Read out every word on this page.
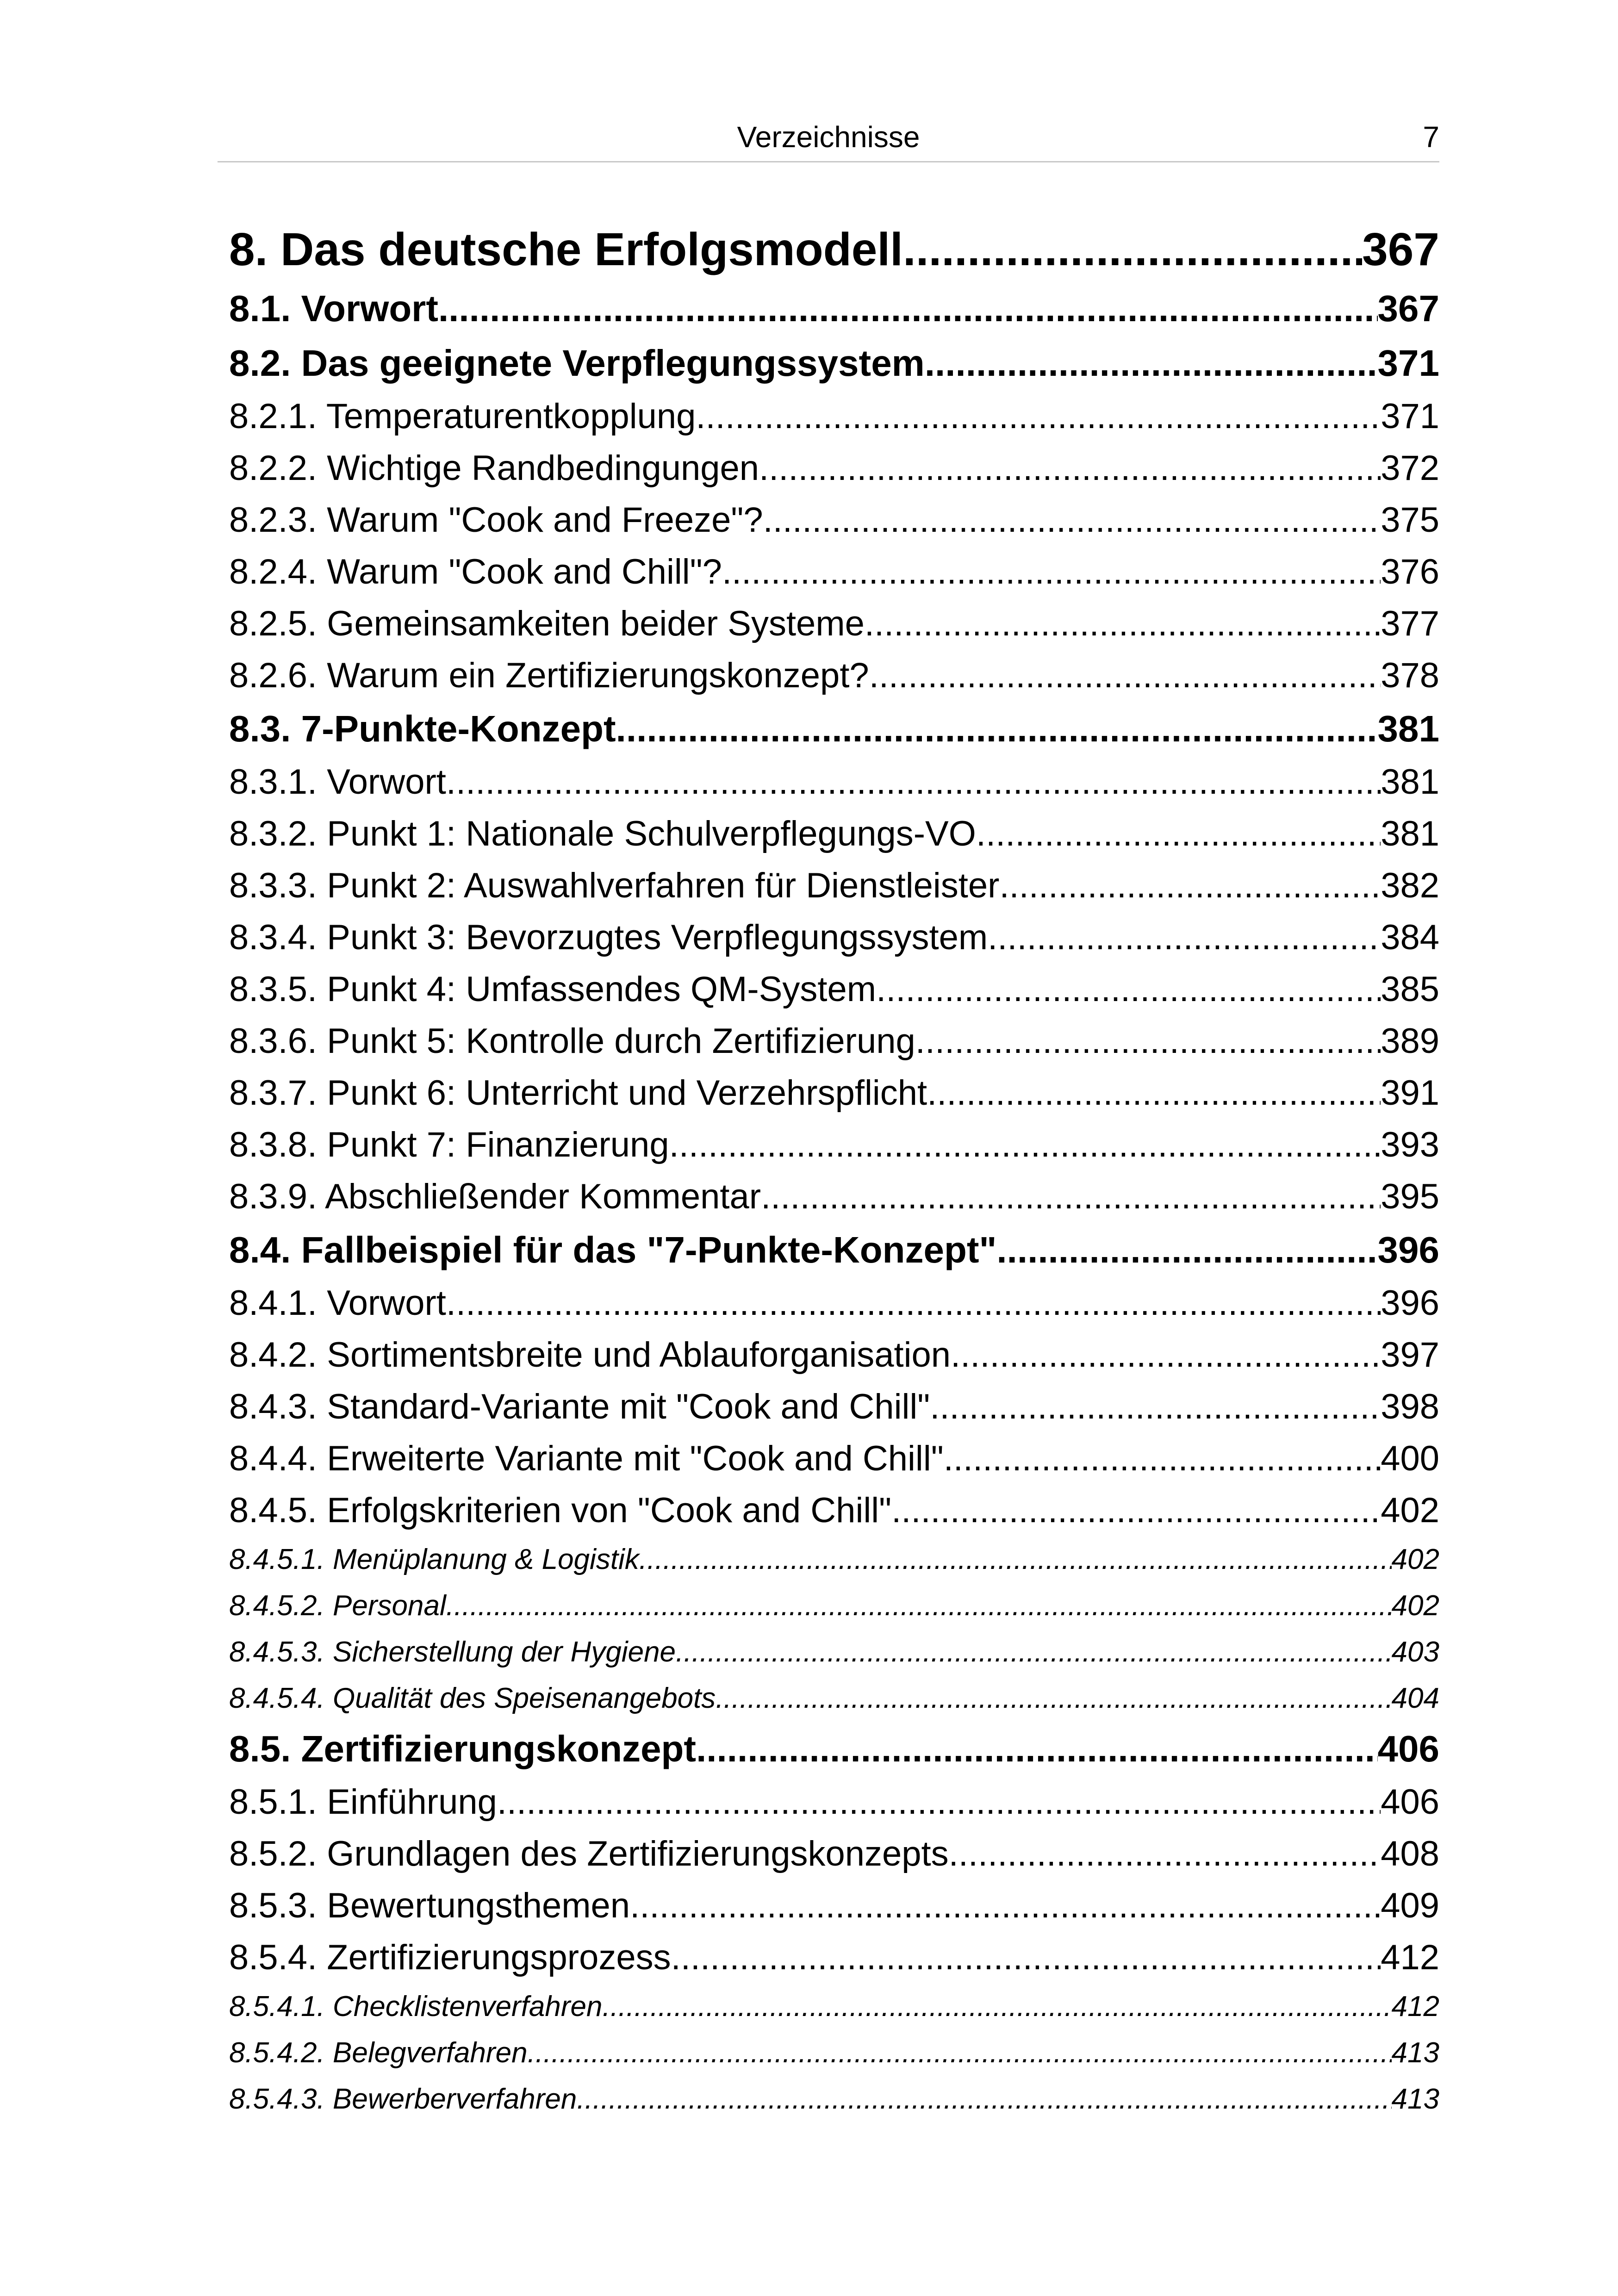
Verzeichnisse	7
8. Das deutsche Erfolgsmodell .....	367
8.1. Vorwort .....	367
8.2. Das geeignete Verpflegungssystem .....	371
8.2.1. Temperaturentkopplung .....	371
8.2.2. Wichtige Randbedingungen .....	372
8.2.3. Warum "Cook and Freeze"? .....	375
8.2.4. Warum "Cook and Chill"? .....	376
8.2.5. Gemeinsamkeiten beider Systeme .....	377
8.2.6. Warum ein Zertifizierungskonzept? .....	378
8.3. 7-Punkte-Konzept .....	381
8.3.1. Vorwort .....	381
8.3.2. Punkt 1: Nationale Schulverpflegungs-VO .....	381
8.3.3. Punkt 2: Auswahlverfahren für Dienstleister .....	382
8.3.4. Punkt 3: Bevorzugtes Verpflegungssystem .....	384
8.3.5. Punkt 4: Umfassendes QM-System .....	385
8.3.6. Punkt 5: Kontrolle durch Zertifizierung .....	389
8.3.7. Punkt 6: Unterricht und Verzehrspflicht .....	391
8.3.8. Punkt 7: Finanzierung .....	393
8.3.9. Abschließender Kommentar .....	395
8.4. Fallbeispiel für das "7-Punkte-Konzept" .....	396
8.4.1. Vorwort .....	396
8.4.2. Sortimentsbreite und Ablauforganisation .....	397
8.4.3. Standard-Variante mit "Cook and Chill" .....	398
8.4.4. Erweiterte Variante mit "Cook and Chill" .....	400
8.4.5. Erfolgskriterien von "Cook and Chill" .....	402
8.4.5.1. Menüplanung & Logistik .....	402
8.4.5.2. Personal .....	402
8.4.5.3. Sicherstellung der Hygiene .....	403
8.4.5.4. Qualität des Speisenangebots .....	404
8.5. Zertifizierungskonzept .....	406
8.5.1. Einführung .....	406
8.5.2. Grundlagen des Zertifizierungskonzepts .....	408
8.5.3. Bewertungsthemen .....	409
8.5.4. Zertifizierungsprozess .....	412
8.5.4.1. Checklistenverfahren .....	412
8.5.4.2. Belegverfahren .....	413
8.5.4.3. Bewerberverfahren .....	413
